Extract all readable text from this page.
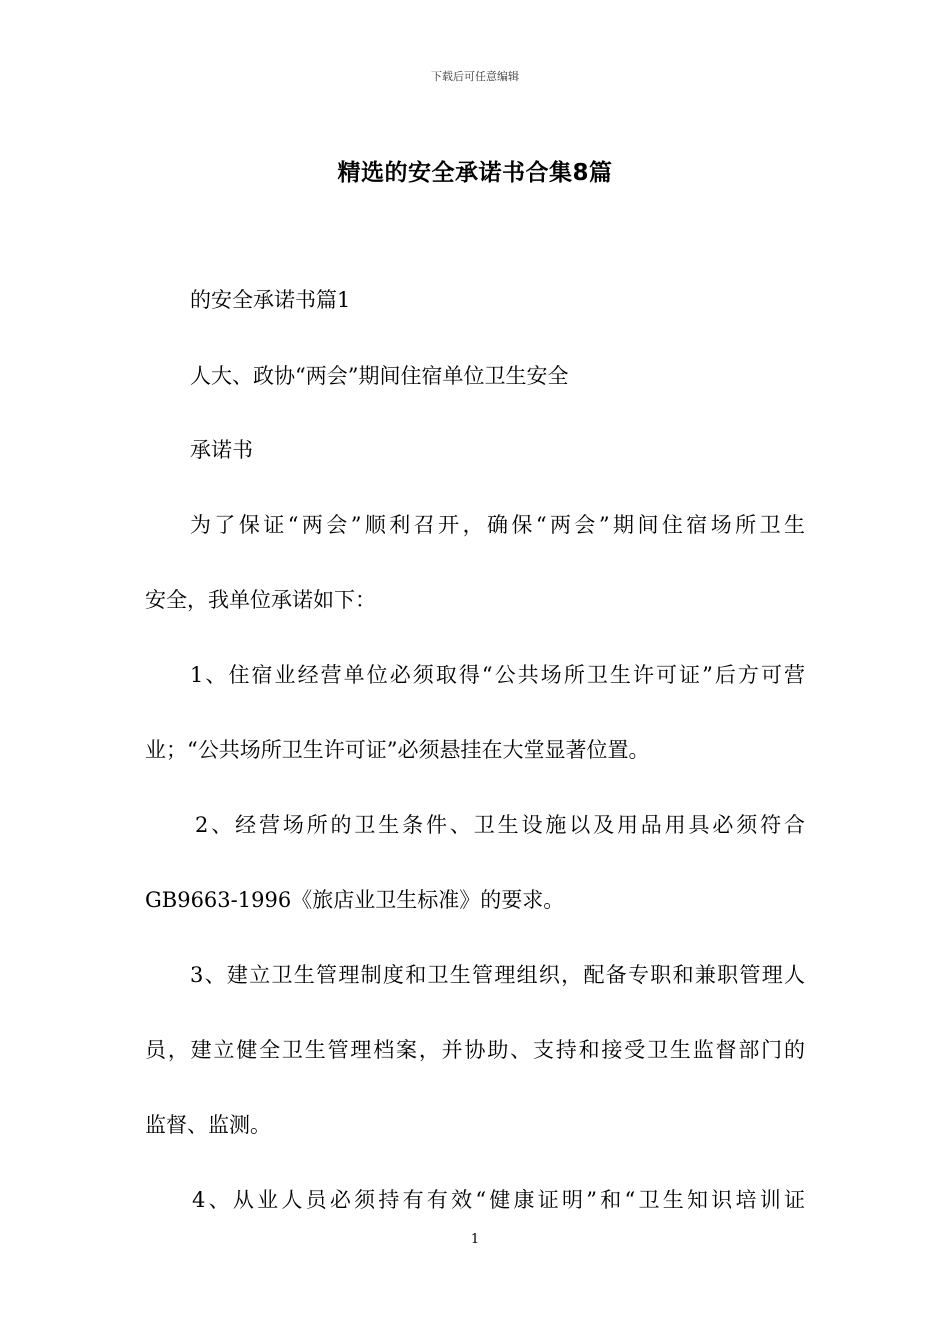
下载后可任意编辑
精选的安全承诺书合集8篇
的安全承诺书篇1
人大、政协“两会”期间住宿单位卫生安全
承诺书
为了保证“两会”顺利召开，确保“两会”期间住宿场所卫生
安全，我单位承诺如下：
1、住宿业经营单位必须取得“公共场所卫生许可证”后方可营
业；“公共场所卫生许可证”必须悬挂在大堂显著位置。
2、经营场所的卫生条件、卫生设施以及用品用具必须符合
GB9663-1996《旅店业卫生标准》的要求。
3、建立卫生管理制度和卫生管理组织，配备专职和兼职管理人
员，建立健全卫生管理档案，并协助、支持和接受卫生监督部门的
监督、监测。
4、从业人员必须持有有效“健康证明”和“卫生知识培训证
1
